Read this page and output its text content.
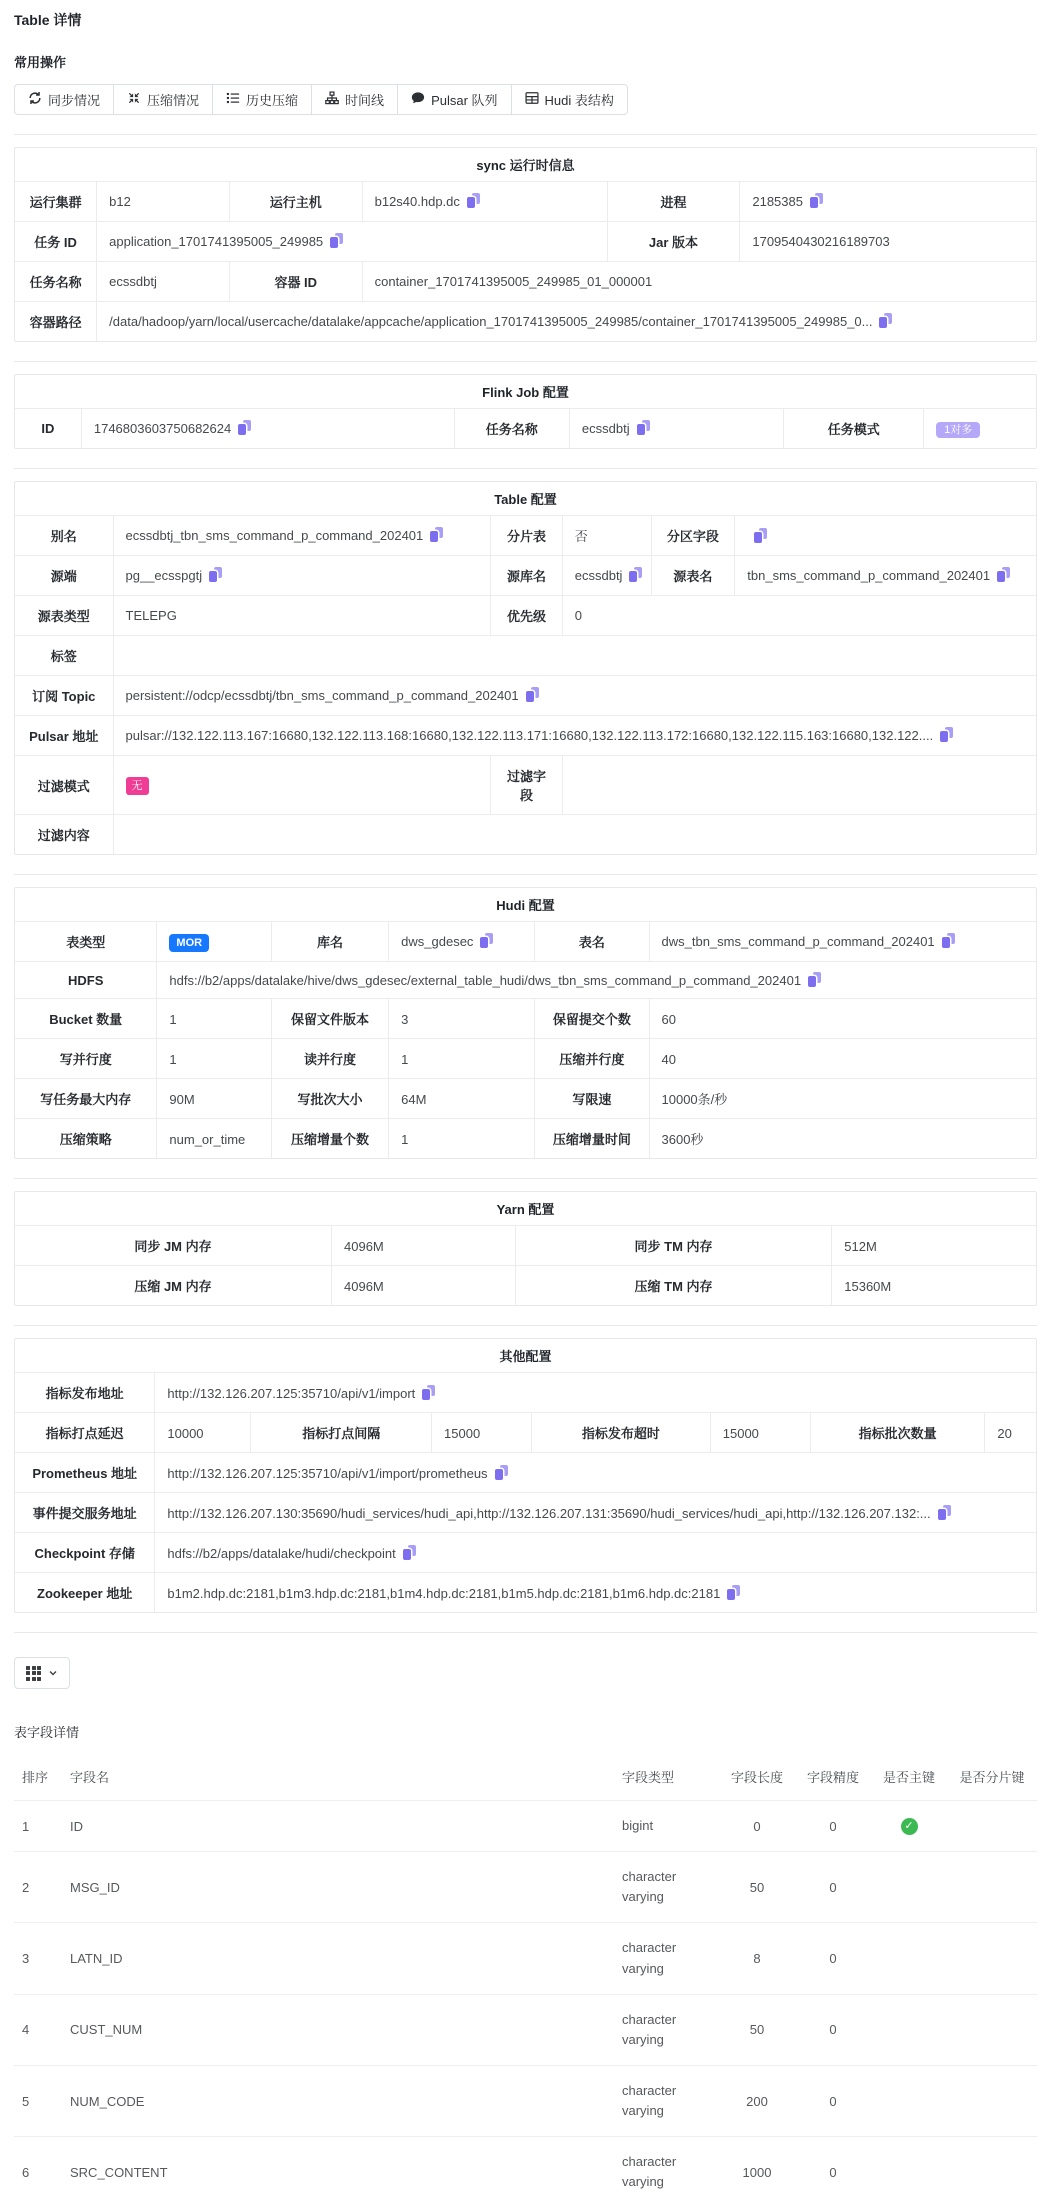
Table 详情
常用操作
同步情况	压缩情况	历史压缩	时间线	Pulsar 队列	Hudi 表结构
sync 运行时信息					
运行集群	b12	运行主机	b12s40.hdp.dc	进程	2185385
任务 ID	application_1701741395005_249985			Jar 版本	1709540430216189703
任务名称	ecssdbtj	容器 ID	container_1701741395005_249985_01_000001		
容器路径	/data/hadoop/yarn/local/usercache/datalake/appcache/application_1701741395005_249985/container_1701741395005_249985_0...				
Flink Job 配置
ID	1746803603750682624	任务名称	ecssdbtj	任务模式	1对多
Table 配置					
别名	ecssdbtj_tbn_sms_command_p_command_202401	分片表	否	分区字段	
源端	pg__ecsspgtj	源库名	ecssdbtj	源表名	tbn_sms_command_p_command_202401
源表类型	TELEPG	优先级	0		
标签					
订阅 Topic	persistent://odcp/ecssdbtj/tbn_sms_command_p_command_202401				
Pulsar 地址	pulsar://132.122.113.167:16680,132.122.113.168:16680,132.122.113.171:16680,132.122.113.172:16680,132.122.115.163:16680,132.122....				
过滤模式	无	过滤字段			
过滤内容					
Hudi 配置					
表类型	MOR	库名	dws_gdesec	表名	dws_tbn_sms_command_p_command_202401
HDFS	hdfs://b2/apps/datalake/hive/dws_gdesec/external_table_hudi/dws_tbn_sms_command_p_command_202401				
Bucket 数量	1	保留文件版本	3	保留提交个数	60
写并行度	1	读并行度	1	压缩并行度	40
写任务最大内存	90M	写批次大小	64M	写限速	10000条/秒
压缩策略	num_or_time	压缩增量个数	1	压缩增量时间	3600秒
Yarn 配置			
同步 JM 内存	4096M	同步 TM 内存	512M
压缩 JM 内存	4096M	压缩 TM 内存	15360M
其他配置							
指标发布地址	http://132.126.207.125:35710/api/v1/import						
指标打点延迟	10000	指标打点间隔	15000	指标发布超时	15000	指标批次数量	20
Prometheus 地址	http://132.126.207.125:35710/api/v1/import/prometheus						
事件提交服务地址	http://132.126.207.130:35690/hudi_services/hudi_api,http://132.126.207.131:35690/hudi_services/hudi_api,http://132.126.207.132:...						
Checkpoint 存储	hdfs://b2/apps/datalake/hudi/checkpoint						
Zookeeper 地址	b1m2.hdp.dc:2181,b1m3.hdp.dc:2181,b1m4.hdp.dc:2181,b1m5.hdp.dc:2181,b1m6.hdp.dc:2181						
表字段详情
排序	字段名	字段类型	字段长度	字段精度	是否主键	是否分片键
1	ID	bigint	0	0	✓	
2	MSG_ID	character varying	50	0		
3	LATN_ID	character varying	8	0		
4	CUST_NUM	character varying	50	0		
5	NUM_CODE	character varying	200	0		
6	SRC_CONTENT	character varying	1000	0		
